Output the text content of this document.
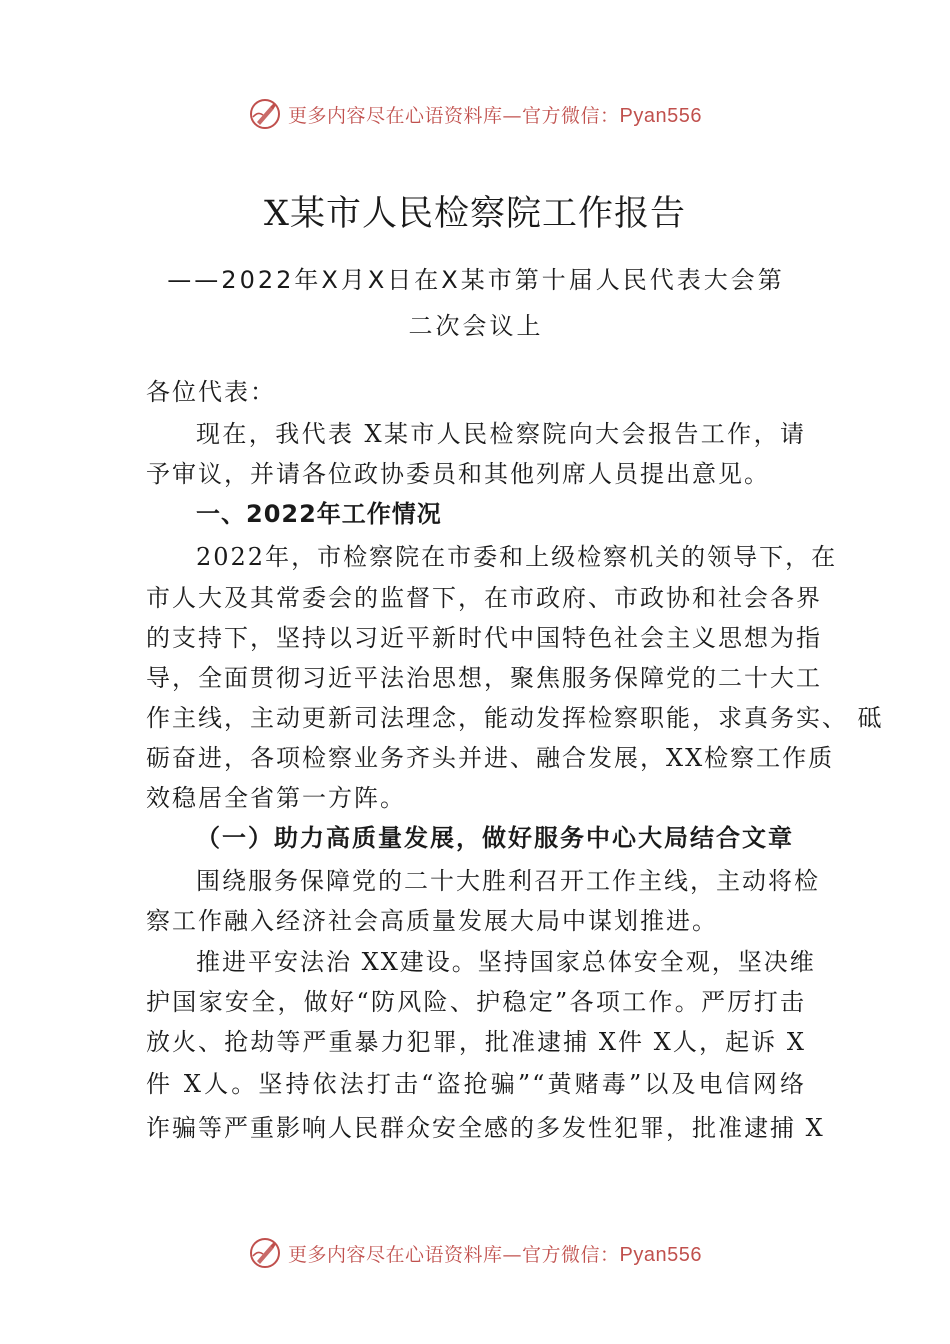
更多内容尽在心语资料库—官方微信：Pyan556
X某市人民检察院工作报告
——2022年X月X日在X某市第十届人民代表大会第
二次会议上
各位代表：
现在，我代表 X某市人民检察院向大会报告工作，请
予审议，并请各位政协委员和其他列席人员提出意见。
一、2022年工作情况
2022年，市检察院在市委和上级检察机关的领导下，在
市人大及其常委会的监督下，在市政府、市政协和社会各界
的支持下，坚持以习近平新时代中国特色社会主义思想为指
导，全面贯彻习近平法治思想，聚焦服务保障党的二十大工
作主线，主动更新司法理念，能动发挥检察职能，求真务实、 砥
砺奋进，各项检察业务齐头并进、融合发展，XX检察工作质
效稳居全省第一方阵。
（一）助力高质量发展，做好服务中心大局结合文章
围绕服务保障党的二十大胜利召开工作主线，主动将检
察工作融入经济社会高质量发展大局中谋划推进。
推进平安法治 XX建设。坚持国家总体安全观，坚决维
护国家安全，做好“防风险、护稳定”各项工作。严厉打击
放火、抢劫等严重暴力犯罪，批准逮捕 X件 X人，起诉 X
件 X人。坚持依法打击“盗抢骗”“黄赌毒”以及电信网络
诈骗等严重影响人民群众安全感的多发性犯罪，批准逮捕 X
更多内容尽在心语资料库—官方微信：Pyan556
